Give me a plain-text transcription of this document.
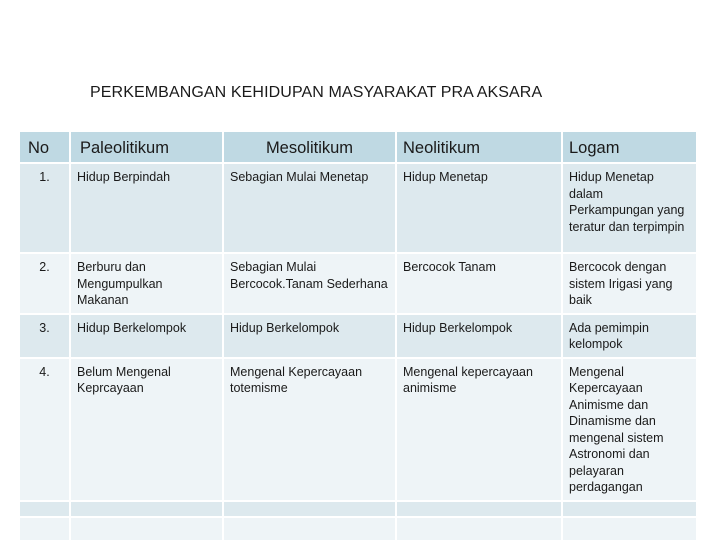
PERKEMBANGAN KEHIDUPAN MASYARAKAT PRA AKSARA
No	Paleolitikum	Mesolitikum	Neolitikum	Logam
1.	Hidup Berpindah	Sebagian Mulai Menetap	Hidup Menetap	Hidup Menetap dalam Perkampungan yang teratur dan terpimpin
2.	Berburu dan Mengumpulkan Makanan	Sebagian Mulai Bercocok.Tanam Sederhana	Bercocok Tanam	Bercocok dengan sistem Irigasi yang baik
3.	Hidup Berkelompok	Hidup Berkelompok	Hidup Berkelompok	Ada pemimpin kelompok
4.	Belum Mengenal Keprcayaan	Mengenal Kepercayaan totemisme	Mengenal kepercayaan animisme	Mengenal Kepercayaan Animisme dan Dinamisme dan mengenal sistem Astronomi dan pelayaran perdagangan
